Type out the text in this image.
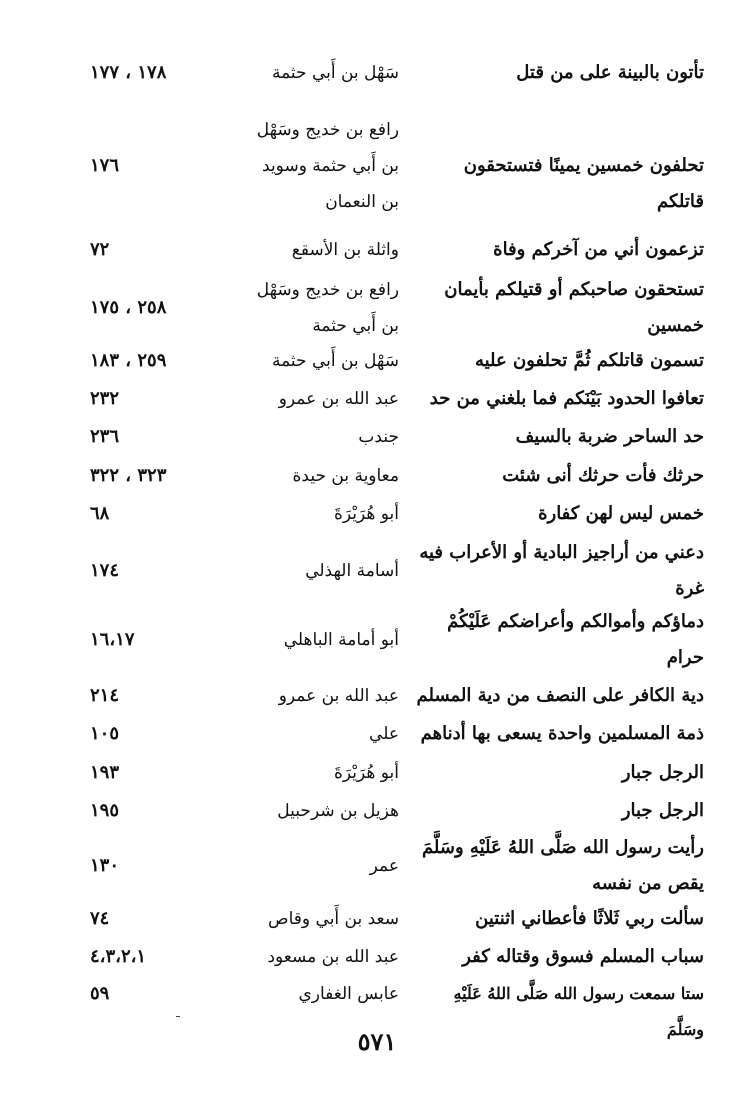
تأتون بالبينة على من قتل
سَهْل بن أَبي حثمة
١٧٨ ، ١٧٧
تحلفون خمسين يمينًا فتستحقون قاتلكم
رافع بن خديج وسَهْل بن أَبي حثمة وسويد بن النعمان
١٧٦
تزعمون أني من آخركم وفاة
واثلة بن الأسقع
٧٢
تستحقون صاحبكم أو قتيلكم بأيمان خمسين
رافع بن خديج وسَهْل بن أَبي حثمة
٢٥٨ ، ١٧٥
تسمون قاتلكم ثُمَّ تحلفون عليه
سَهْل بن أَبي حثمة
٢٥٩ ، ١٨٣
تعافوا الحدود بَيْنَكم فما بلغني من حد
عبد الله بن عمرو
٢٣٢
حد الساحر ضربة بالسيف
جندب
٢٣٦
حرثك فأت حرثك أنى شئت
معاوية بن حيدة
٣٢٣ ، ٣٢٢
خمس ليس لهن كفارة
أبو هُرَيْرَةَ
٦٨
دعني من أراجيز البادية أو الأعراب فيه غرة
أسامة الهذلي
١٧٤
دماؤكم وأموالكم وأعراضكم عَلَيْكُمْ حرام
أبو أمامة الباهلي
١٦،١٧
دية الكافر على النصف من دية المسلم
عبد الله بن عمرو
٢١٤
ذمة المسلمين واحدة يسعى بها أدناهم
علي
١٠٥
الرجل جبار
أبو هُرَيْرَةَ
١٩٣
الرجل جبار
هزيل بن شرحبيل
١٩٥
رأيت رسول الله صَلَّى اللهُ عَلَيْهِ وسَلَّمَ يقص من نفسه
عمر
١٣٠
سألت ربي ثَلاثًا فأعطاني اثنتين
سعد بن أَبي وقاص
٧٤
سباب المسلم فسوق وقتاله كفر
عبد الله بن مسعود
٤،٣،٢،١
ستا سمعت رسول الله صَلَّى اللهُ عَلَيْهِ وسَلَّمَ
عابس الغفاري
٥٩
٥٧١
